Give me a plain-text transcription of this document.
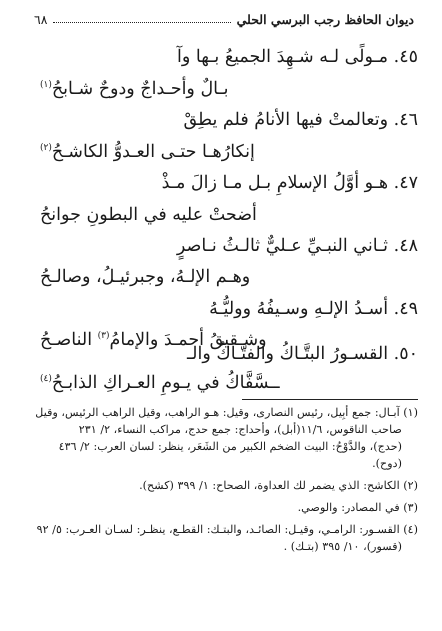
٦٨	ديوان الحافظ رجب البرسي الحلي
٤٥. مـولًى لـه شـهِدَ الجميعُ بـها وآ
بـالٌ وأحـداجٌ ودوحٌ شـابحُ$^{(١)}$
٤٦. وتعالمتْ فيها الأنامُ فلم يطِقْ
إنكارُهـا حتـى العـدوُّ الكاشـحُ$^{(٢)}$
٤٧. هـو أوَّلُ الإسلامِ بـل مـا زالَ مـذْ
أضحتْ عليه في البطونِ جوانحُ
٤٨. ثـاني النبـيِّ عـليٌّ ثالـثُ نـاصرٍ
وهـم الإلـهُ، وجبرئيـلُ، وصالـحُ
٤٩. أسـدُ الإلـهِ وسـيفُهُ ووليُّـهُ
وشـقيقُ أحمـدَ والإمامُ$^{(٣)}$ الناصـحُ
٥٠. القسـورُ البتَّـاكُ والفتَّـاكُ والـ
ــسَّفَّاكُ في يـومِ العـراكِ الذابـحُ$^{(٤)}$
(١) آبـال: جمع أبِيل، رئيس النصارى، وقيل: هـو الراهب، وقيل الراهب الرئيس، وقيل
صاحب الناقوس، ١١/٦(أبل)، وأحداج: جمع حدج، مراكب النساء، ٢/ ٢٣١
(حدج)، والدَّوْحُ: البيت الضخم الكبير من الشَعَر، ينظر: لسان العرب: ٢/ ٤٣٦
(دوح).
(٢) الكاشح: الذي يضمر لك العداوة، الصحاح: ١/ ٣٩٩ (كشح).
(٣) في المصادر: والوصي.
(٤) القسـور: الرامـي، وقيـل: الصائـد، والبتـك: القطـع، ينظـر: لسـان العـرب: ٥/ ٩٢
(قسور)، ١٠/ ٣٩٥ (بتـك) .
